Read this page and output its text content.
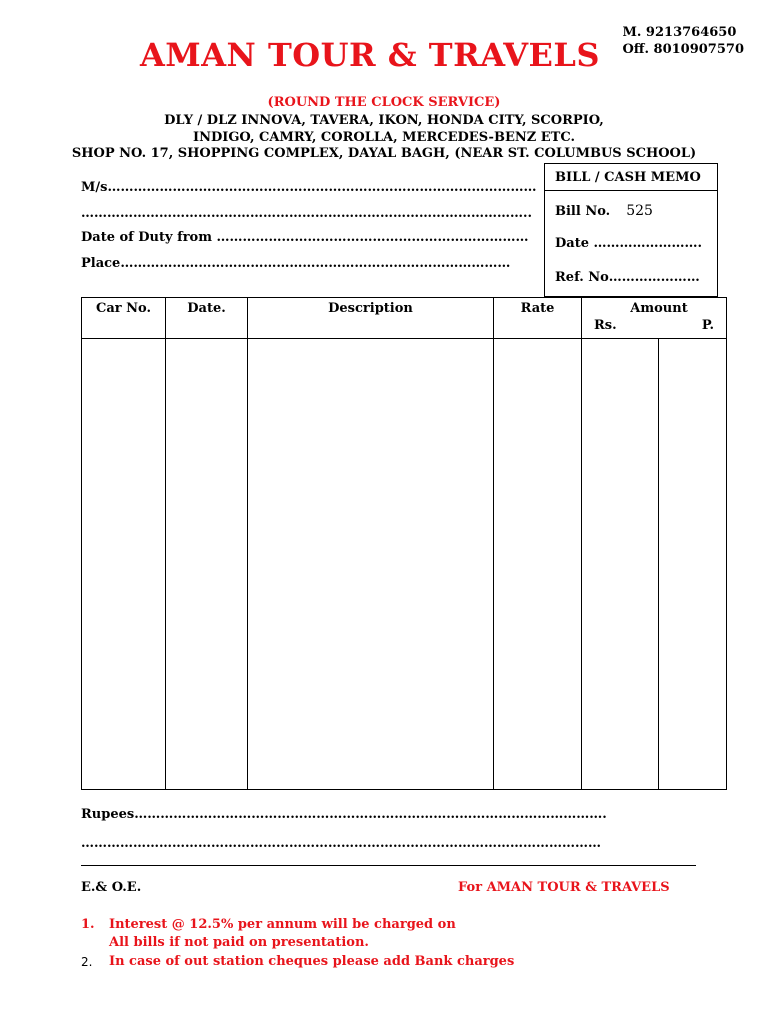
M. 9213764650
Off. 8010907570
AMAN TOUR & TRAVELS
(ROUND THE CLOCK SERVICE)
DLY / DLZ INNOVA, TAVERA, IKON, HONDA CITY, SCORPIO,
INDIGO, CAMRY, COROLLA, MERCEDES-BENZ ETC.
SHOP NO. 17, SHOPPING COMPLEX, DAYAL BAGH, (NEAR ST. COLUMBUS SCHOOL)
M/s………………………………………………………………………………………
…………………………………………………………………………………………..
Date of Duty from ………………………………………………………………
Place………………………………………………………………………………
BILL / CASH MEMO
Bill No. 525
Date …………………….
Ref. No…………………
Car No.	Date.	Description	Rate	Amount
Rs. P.	

Rupees……………………………………………………………………………………………….
…………………………………………………………………………………………………………
E.& O.E.	For AMAN TOUR & TRAVELS
1. Interest @ 12.5% per annum will be charged on
All bills if not paid on presentation.
2. In case of out station cheques please add Bank charges
